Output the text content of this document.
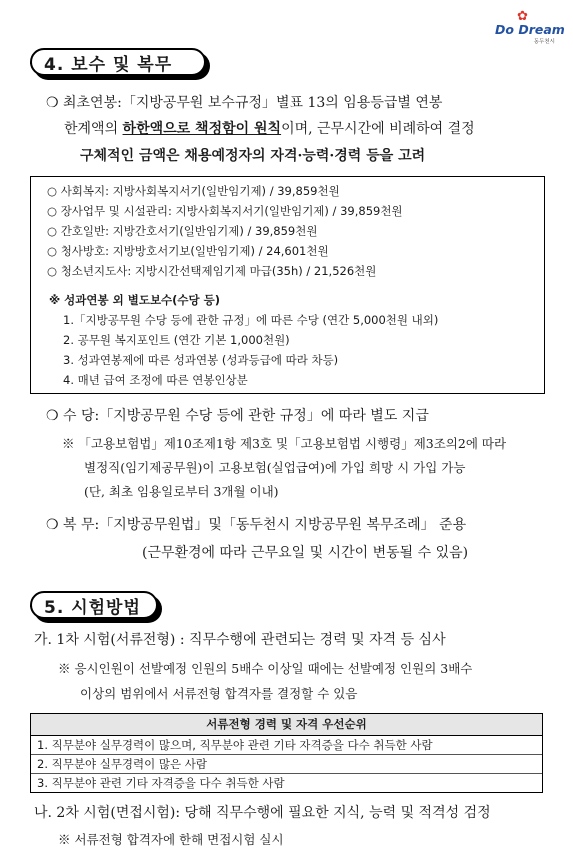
✿
Do Dream
동두천시
4. 보수 및 복무
❍ 최초연봉:「지방공무원 보수규정」별표 13의 임용등급별 연봉
한계액의 하한액으로 책정함이 원칙이며, 근무시간에 비례하여 결정
구체적인 금액은 채용예정자의 자격·능력·경력 등을 고려
○ 사회복지: 지방사회복지서기(일반임기제) / 39,859천원
○ 장사업무 및 시설관리: 지방사회복지서기(일반임기제) / 39,859천원
○ 간호일반: 지방간호서기(일반임기제) / 39,859천원
○ 청사방호: 지방방호서기보(일반임기제) / 24,601천원
○ 청소년지도사: 지방시간선택제임기제 마급(35h) / 21,526천원
※ 성과연봉 외 별도보수(수당 등)
1.「지방공무원 수당 등에 관한 규정」에 따른 수당 (연간 5,000천원 내외)
2. 공무원 복지포인트 (연간 기본 1,000천원)
3. 성과연봉제에 따른 성과연봉 (성과등급에 따라 차등)
4. 매년 급여 조정에 따른 연봉인상분
❍ 수 당:「지방공무원 수당 등에 관한 규정」에 따라 별도 지급
※ 「고용보험법」제10조제1항 제3호 및「고용보험법 시행령」제3조의2에 따라
별정직(임기제공무원)이 고용보험(실업급여)에 가입 희망 시 가입 가능
(단, 최초 임용일로부터 3개월 이내)
❍ 복 무:「지방공무원법」및「동두천시 지방공무원 복무조례」 준용
(근무환경에 따라 근무요일 및 시간이 변동될 수 있음)
5. 시험방법
가. 1차 시험(서류전형) : 직무수행에 관련되는 경력 및 자격 등 심사
※ 응시인원이 선발예정 인원의 5배수 이상일 때에는 선발예정 인원의 3배수
이상의 범위에서 서류전형 합격자를 결정할 수 있음
서류전형 경력 및 자격 우선순위
1. 직무분야 실무경력이 많으며, 직무분야 관련 기타 자격증을 다수 취득한 사람
2. 직무분야 실무경력이 많은 사람
3. 직무분야 관련 기타 자격증을 다수 취득한 사람
나. 2차 시험(면접시험): 당해 직무수행에 필요한 지식, 능력 및 적격성 검정
※ 서류전형 합격자에 한해 면접시험 실시
